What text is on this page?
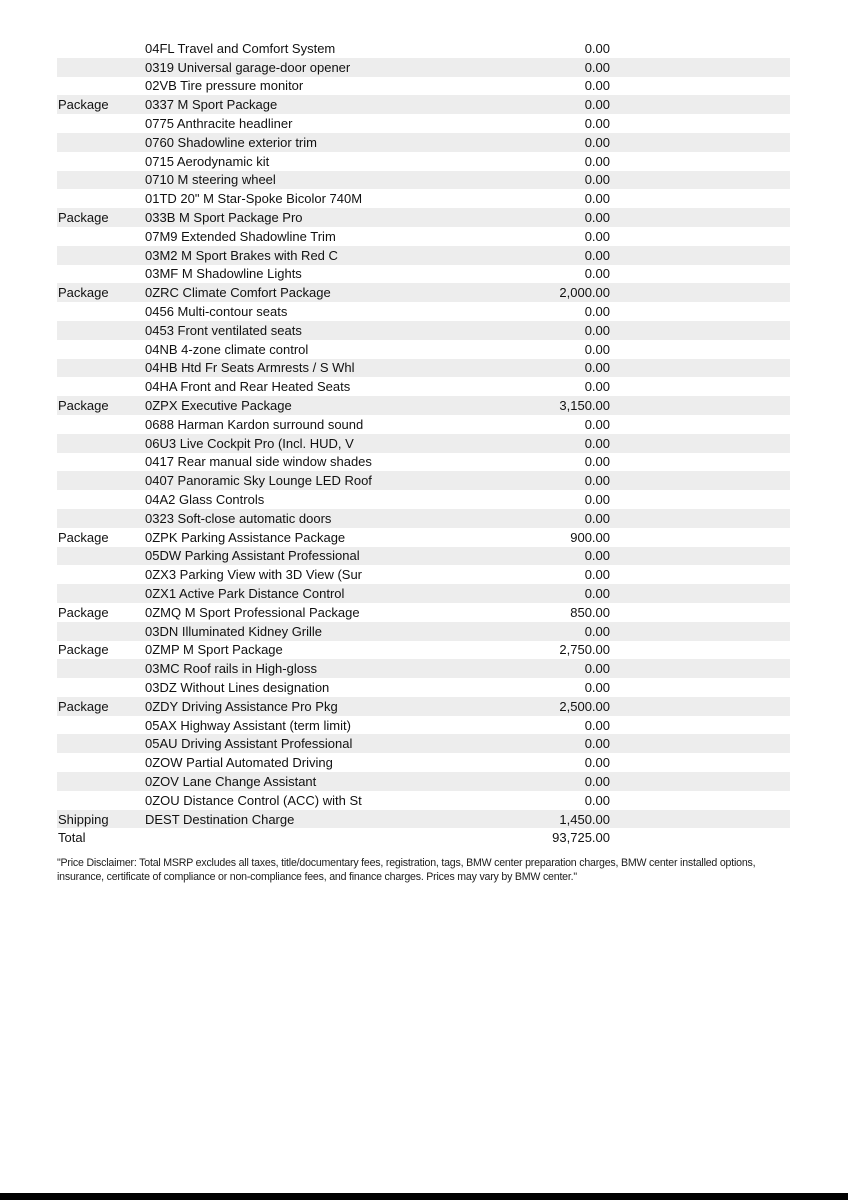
04FL Travel and Comfort System	0.00
0319 Universal garage-door opener	0.00
02VB Tire pressure monitor	0.00
Package	0337 M Sport Package	0.00
0775 Anthracite headliner	0.00
0760 Shadowline exterior trim	0.00
0715 Aerodynamic kit	0.00
0710 M steering wheel	0.00
01TD 20" M Star-Spoke Bicolor 740M	0.00
Package	033B M Sport Package Pro	0.00
07M9 Extended Shadowline Trim	0.00
03M2 M Sport Brakes with Red C	0.00
03MF M Shadowline Lights	0.00
Package	0ZRC Climate Comfort Package	2,000.00
0456 Multi-contour seats	0.00
0453 Front ventilated seats	0.00
04NB 4-zone climate control	0.00
04HB Htd Fr Seats Armrests / S Whl	0.00
04HA Front and Rear Heated Seats	0.00
Package	0ZPX Executive Package	3,150.00
0688 Harman Kardon surround sound	0.00
06U3 Live Cockpit Pro (Incl. HUD, V	0.00
0417 Rear manual side window shades	0.00
0407 Panoramic Sky Lounge LED Roof	0.00
04A2 Glass Controls	0.00
0323 Soft-close automatic doors	0.00
Package	0ZPK Parking Assistance Package	900.00
05DW Parking Assistant Professional	0.00
0ZX3 Parking View with 3D View (Sur	0.00
0ZX1 Active Park Distance Control	0.00
Package	0ZMQ M Sport Professional Package	850.00
03DN Illuminated Kidney Grille	0.00
Package	0ZMP M Sport Package	2,750.00
03MC Roof rails in High-gloss	0.00
03DZ Without Lines designation	0.00
Package	0ZDY Driving Assistance Pro Pkg	2,500.00
05AX Highway Assistant (term limit)	0.00
05AU Driving Assistant Professional	0.00
0ZOW Partial Automated Driving	0.00
0ZOV Lane Change Assistant	0.00
0ZOU Distance Control (ACC) with St	0.00
Shipping	DEST Destination Charge	1,450.00
Total	93,725.00
"Price Disclaimer: Total MSRP excludes all taxes, title/documentary fees, registration, tags, BMW center preparation charges, BMW center installed options, insurance, certificate of compliance or non-compliance fees, and finance charges. Prices may vary by BMW center."
